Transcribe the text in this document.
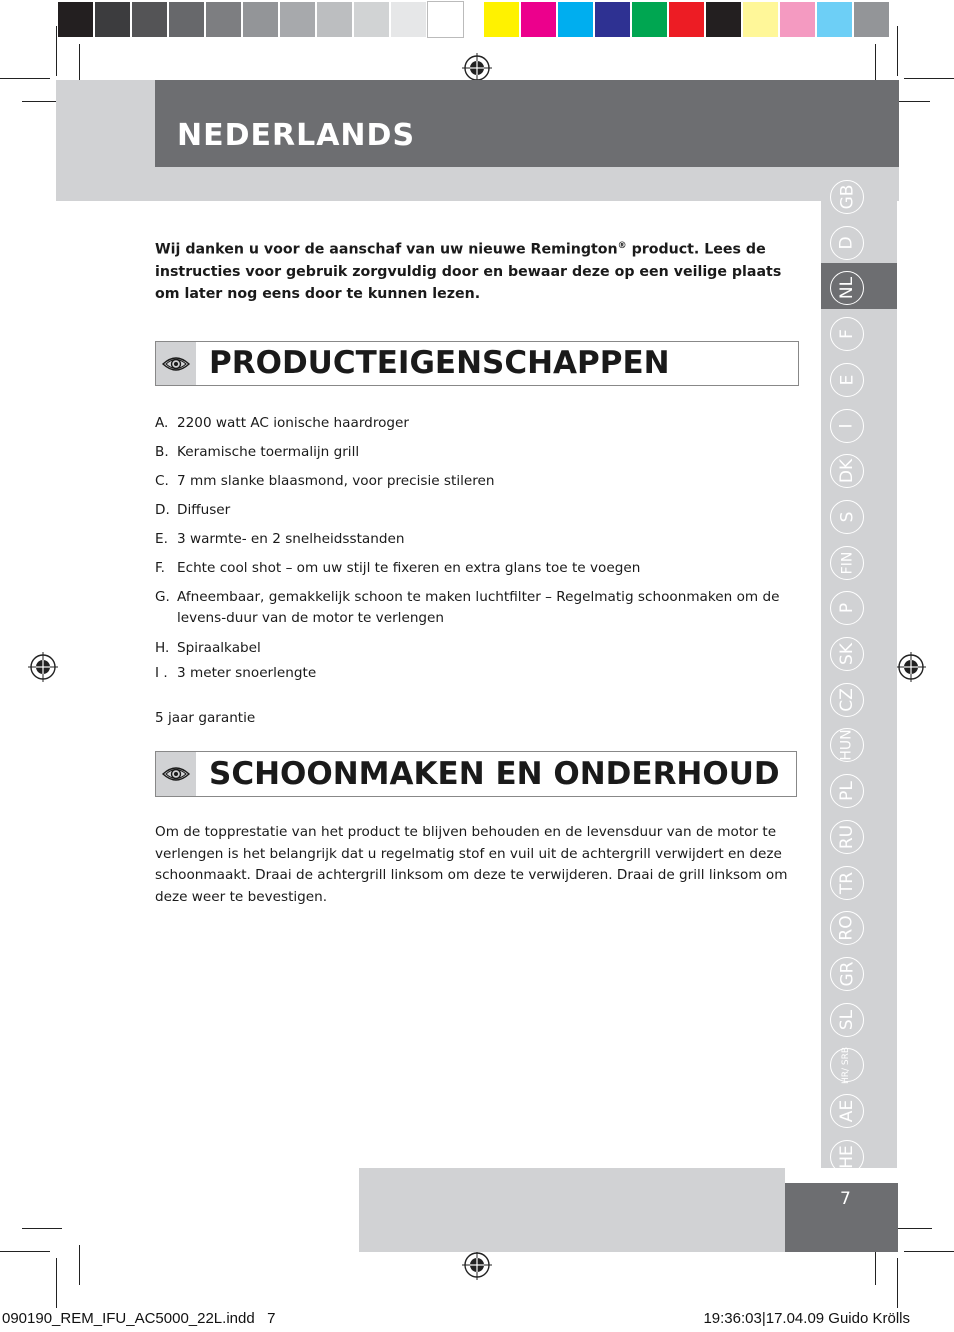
NEDERLANDS
GB
D
NL
F
E
I
DK
S
FIN
P
SK
CZ
HUN
PL
RU
TR
RO
GR
SL
HR/ SRB
AE
HE
Wij danken u voor de aanschaf van uw nieuwe Remington® product. Lees de instructies voor gebruik zorgvuldig door en bewaar deze op een veilige plaats om later nog eens door te kunnen lezen.
PRODUCTEIGENSCHAPPEN
A. 2200 watt AC ionische haardroger
B. Keramische toermalijn grill
C. 7 mm slanke blaasmond, voor precisie stileren
D. Diffuser
E. 3 warmte- en 2 snelheidsstanden
F. Echte cool shot – om uw stijl te fixeren en extra glans toe te voegen
G. Afneembaar, gemakkelijk schoon te maken luchtfilter – Regelmatig schoonmaken om de levens-duur van de motor te verlengen
H. Spiraalkabel
I . 3 meter snoerlengte
5 jaar garantie
SCHOONMAKEN EN ONDERHOUD
Om de topprestatie van het product te blijven behouden en de levensduur van de motor te verlengen is het belangrijk dat u regelmatig stof en vuil uit de achtergrill verwijdert en deze schoonmaakt. Draai de achtergrill linksom om deze te verwijderen. Draai de grill linksom om deze weer te bevestigen.
7
090190_REM_IFU_AC5000_22L.indd   7	19:36:03|17.04.09 Guido Krölls
